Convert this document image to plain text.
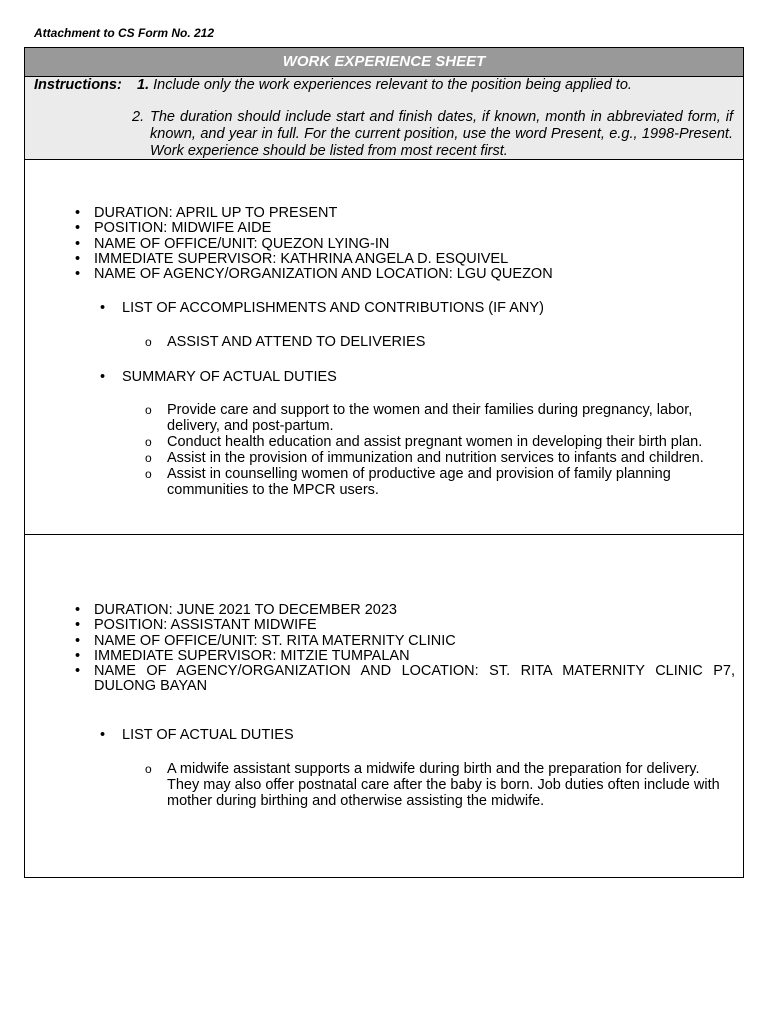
Attachment to CS Form No. 212
WORK EXPERIENCE SHEET
Instructions: 1. Include only the work experiences relevant to the position being applied to.
2. The duration should include start and finish dates, if known, month in abbreviated form, if known, and year in full. For the current position, use the word Present, e.g., 1998-Present. Work experience should be listed from most recent first.
• DURATION: APRIL UP TO PRESENT
• POSITION: MIDWIFE AIDE
• NAME OF OFFICE/UNIT: QUEZON LYING-IN
• IMMEDIATE SUPERVISOR: KATHRINA ANGELA D. ESQUIVEL
• NAME OF AGENCY/ORGANIZATION AND LOCATION: LGU QUEZON
• LIST OF ACCOMPLISHMENTS AND CONTRIBUTIONS (IF ANY)
o ASSIST AND ATTEND TO DELIVERIES
• SUMMARY OF ACTUAL DUTIES
o Provide care and support to the women and their families during pregnancy, labor, delivery, and post-partum.
o Conduct health education and assist pregnant women in developing their birth plan.
o Assist in the provision of immunization and nutrition services to infants and children.
o Assist in counselling women of productive age and provision of family planning communities to the MPCR users.
• DURATION: JUNE 2021 TO DECEMBER 2023
• POSITION: ASSISTANT MIDWIFE
• NAME OF OFFICE/UNIT: ST. RITA MATERNITY CLINIC
• IMMEDIATE SUPERVISOR: MITZIE TUMPALAN
• NAME OF AGENCY/ORGANIZATION AND LOCATION: ST. RITA MATERNITY CLINIC P7, DULONG BAYAN
• LIST OF ACTUAL DUTIES
o A midwife assistant supports a midwife during birth and the preparation for delivery. They may also offer postnatal care after the baby is born. Job duties often include with mother during birthing and otherwise assisting the midwife.
